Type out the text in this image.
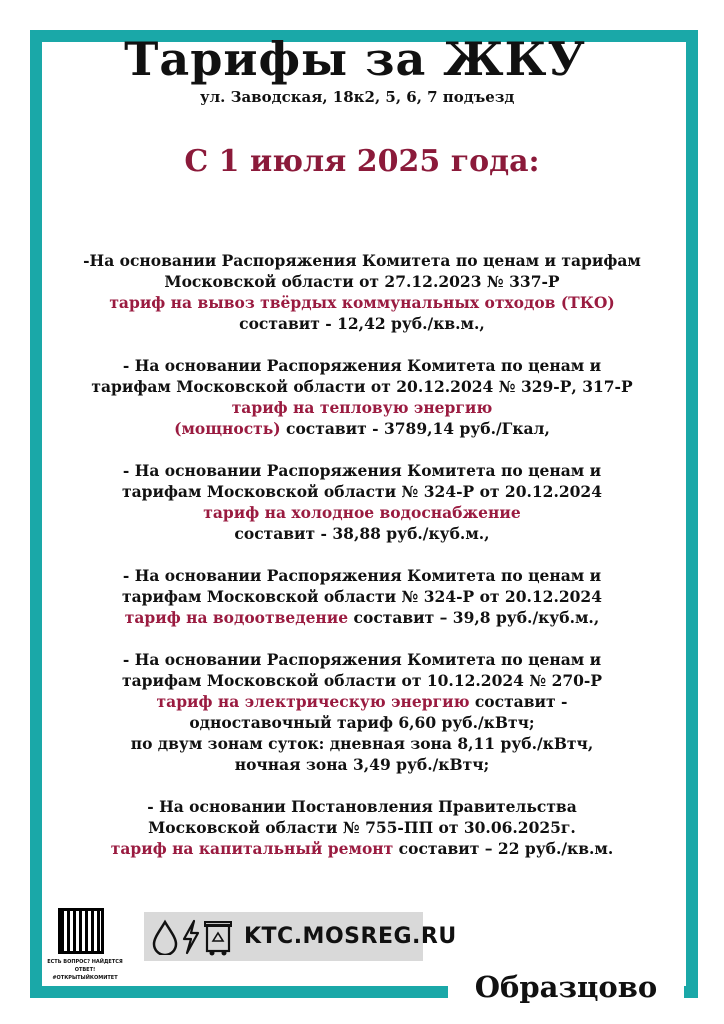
Тарифы за ЖКУ
ул. Заводская, 18к2, 5, 6, 7 подъезд
С 1 июля 2025 года:
-На основании Распоряжения Комитета по ценам и тарифам
Московской области от 27.12.2023 № 337-Р
тариф на вывоз твёрдых коммунальных отходов (ТКО)
составит - 12,42 руб./кв.м.,
- На основании Распоряжения Комитета по ценам и
тарифам Московской области от 20.12.2024 № 329-Р, 317-Р
тариф на тепловую энергию
(мощность) составит - 3789,14 руб./Гкал,
- На основании Распоряжения Комитета по ценам и
тарифам Московской области № 324-Р от 20.12.2024
тариф на холодное водоснабжение
составит - 38,88 руб./куб.м.,
- На основании Распоряжения Комитета по ценам и
тарифам Московской области № 324-Р от 20.12.2024
тариф на водоотведение составит – 39,8 руб./куб.м.,
- На основании Распоряжения Комитета по ценам и
тарифам Московской области от 10.12.2024 № 270-Р
тариф на электрическую энергию составит -
одноставочный тариф 6,60 руб./кВтч;
по двум зонам суток: дневная зона 8,11 руб./кВтч,
ночная зона 3,49 руб./кВтч;
- На основании Постановления Правительства
Московской области № 755-ПП от 30.06.2025г.
тариф на капитальный ремонт составит – 22 руб./кв.м.
ЕСТЬ ВОПРОС? НАЙДЕТСЯ ОТВЕТ!
#ОТКРЫТЫЙКОМИТЕТ
KTC.MOSREG.RU
Образцово
